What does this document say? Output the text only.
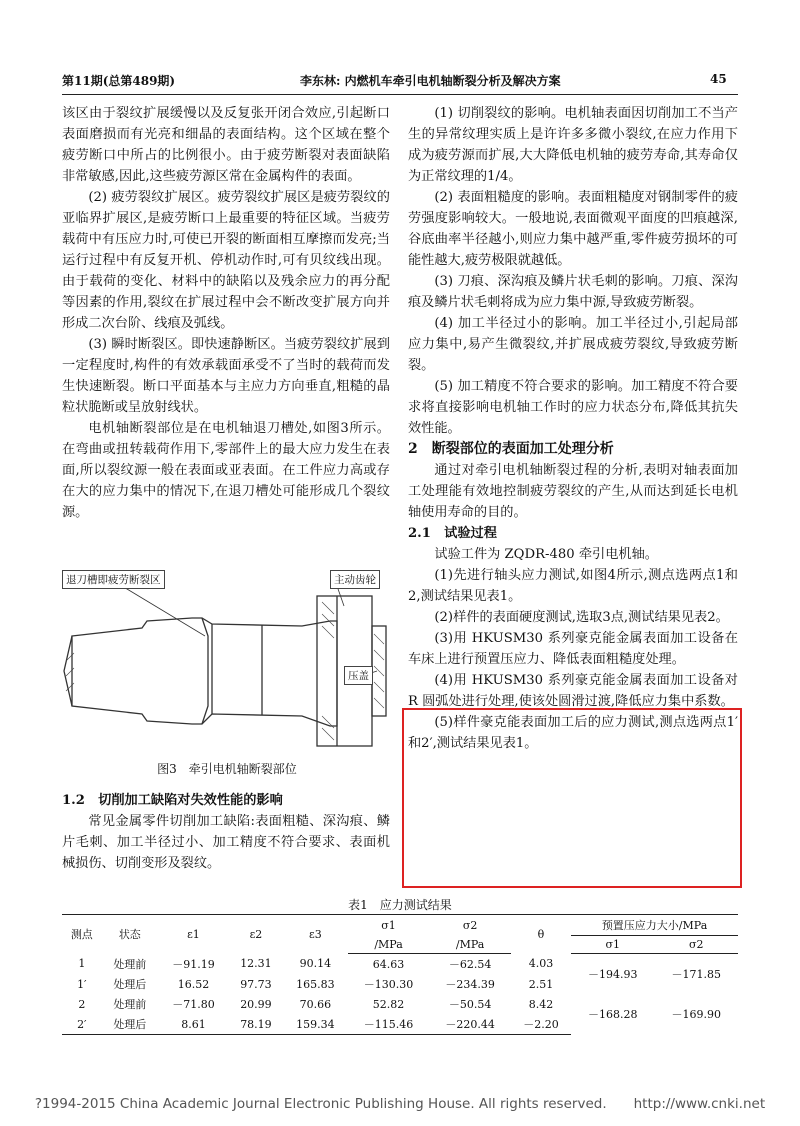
第11期(总第489期)	李东林: 内燃机车牵引电机轴断裂分析及解决方案	45

该区由于裂纹扩展缓慢以及反复张开闭合效应,引起断口表面磨损而有光亮和细晶的表面结构。这个区域在整个疲劳断口中所占的比例很小。由于疲劳断裂对表面缺陷非常敏感,因此,这些疲劳源区常在金属构件的表面。

(2) 疲劳裂纹扩展区。疲劳裂纹扩展区是疲劳裂纹的亚临界扩展区,是疲劳断口上最重要的特征区域。当疲劳载荷中有压应力时,可使已开裂的断面相互摩擦而发亮;当运行过程中有反复开机、停机动作时,可有贝纹线出现。由于载荷的变化、材料中的缺陷以及残余应力的再分配等因素的作用,裂纹在扩展过程中会不断改变扩展方向并形成二次台阶、线痕及弧线。

(3) 瞬时断裂区。即快速静断区。当疲劳裂纹扩展到一定程度时,构件的有效承载面承受不了当时的载荷而发生快速断裂。断口平面基本与主应力方向垂直,粗糙的晶粒状脆断或呈放射线状。

电机轴断裂部位是在电机轴退刀槽处,如图3所示。在弯曲或扭转载荷作用下,零部件上的最大应力发生在表面,所以裂纹源一般在表面或亚表面。在工件应力高或存在大的应力集中的情况下,在退刀槽处可能形成几个裂纹源。

退刀槽即疲劳断裂区	主动齿轮
压盖
图3　牵引电机轴断裂部位

1.2　切削加工缺陷对失效性能的影响

常见金属零件切削加工缺陷:表面粗糙、深沟痕、鳞片毛刺、加工半径过小、加工精度不符合要求、表面机械损伤、切削变形及裂纹。

(1) 切削裂纹的影响。电机轴表面因切削加工不当产生的异常纹理实质上是许许多多微小裂纹,在应力作用下成为疲劳源而扩展,大大降低电机轴的疲劳寿命,其寿命仅为正常纹理的1/4。

(2) 表面粗糙度的影响。表面粗糙度对钢制零件的疲劳强度影响较大。一般地说,表面微观平面度的凹痕越深,谷底曲率半径越小,则应力集中越严重,零件疲劳损坏的可能性越大,疲劳极限就越低。

(3) 刀痕、深沟痕及鳞片状毛刺的影响。刀痕、深沟痕及鳞片状毛刺将成为应力集中源,导致疲劳断裂。

(4) 加工半径过小的影响。加工半径过小,引起局部应力集中,易产生微裂纹,并扩展成疲劳裂纹,导致疲劳断裂。

(5) 加工精度不符合要求的影响。加工精度不符合要求将直接影响电机轴工作时的应力状态分布,降低其抗失效性能。

2　断裂部位的表面加工处理分析

通过对牵引电机轴断裂过程的分析,表明对轴表面加工处理能有效地控制疲劳裂纹的产生,从而达到延长电机轴使用寿命的目的。

2.1　试验过程

试验工件为 ZQDR-480 牵引电机轴。

(1)先进行轴头应力测试,如图4所示,测点选两点1和2,测试结果见表1。

(2)样件的表面硬度测试,选取3点,测试结果见表2。

(3)用 HKUSM30 系列豪克能金属表面加工设备在车床上进行预置压应力、降低表面粗糙度处理。

(4)用 HKUSM30 系列豪克能金属表面加工设备对 R 圆弧处进行处理,使该处圆滑过渡,降低应力集中系数。

(5)样件豪克能表面加工后的应力测试,测点选两点1′和2′,测试结果见表1。

表1　应力测试结果
测点	状态	ε1	ε2	ε3	σ1	σ2	θ	预置压应力大小/MPa	
					/MPa	/MPa		σ1	σ2
1	处理前	－91.19	12.31	90.14	64.63	－62.54	4.03	－194.93	－171.85
1′	处理后	16.52	97.73	165.83	－130.30	－234.39	2.51		
2	处理前	－71.80	20.99	70.66	52.82	－50.54	8.42	－168.28	－169.90
2′	处理后	8.61	78.19	159.34	－115.46	－220.44	－2.20		
?1994-2015 China Academic Journal Electronic Publishing House. All rights reserved.　　http://www.cnki.net
